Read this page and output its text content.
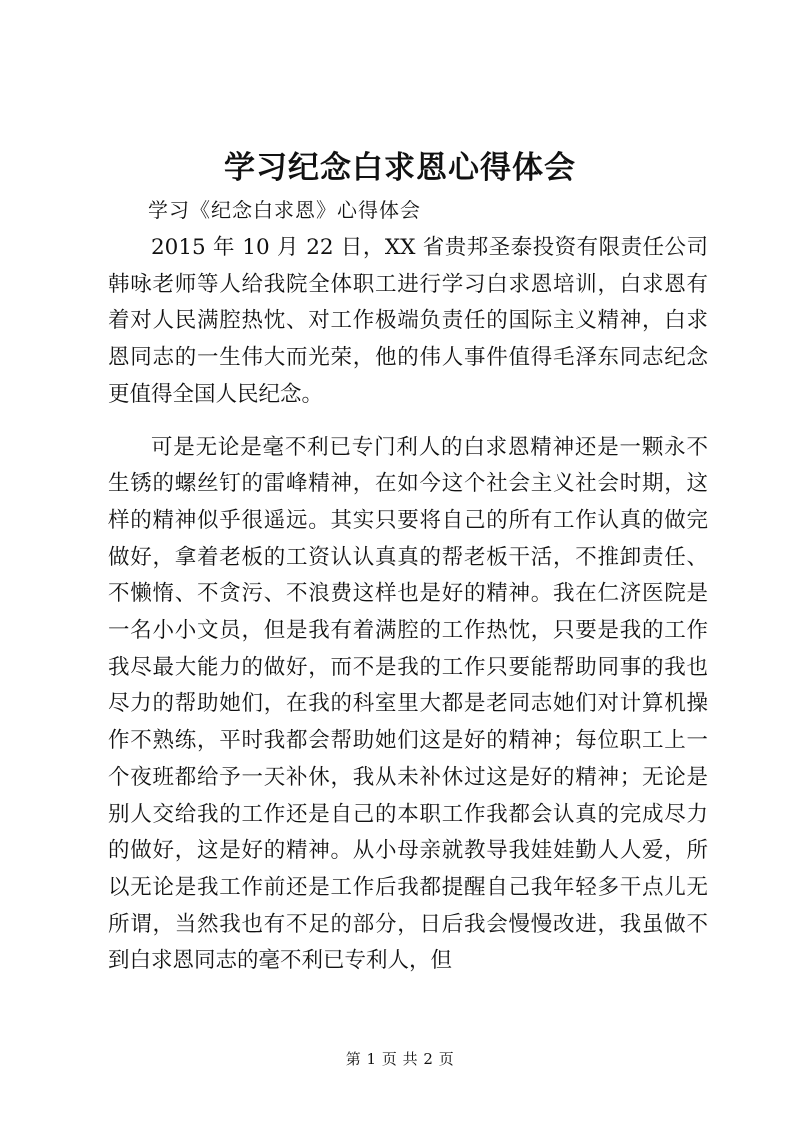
学习纪念白求恩心得体会
学习《纪念白求恩》心得体会

2015 年 10 月 22 日，XX 省贵邦圣泰投资有限责任公司韩咏老师等人给我院全体职工进行学习白求恩培训，白求恩有着对人民满腔热忱、对工作极端负责任的国际主义精神，白求恩同志的一生伟大而光荣，他的伟人事件值得毛泽东同志纪念更值得全国人民纪念。

可是无论是毫不利已专门利人的白求恩精神还是一颗永不生锈的螺丝钉的雷峰精神，在如今这个社会主义社会时期，这样的精神似乎很遥远。其实只要将自己的所有工作认真的做完做好，拿着老板的工资认认真真的帮老板干活，不推卸责任、不懒惰、不贪污、不浪费这样也是好的精神。我在仁济医院是一名小小文员，但是我有着满腔的工作热忱，只要是我的工作我尽最大能力的做好，而不是我的工作只要能帮助同事的我也尽力的帮助她们，在我的科室里大都是老同志她们对计算机操作不熟练，平时我都会帮助她们这是好的精神；每位职工上一个夜班都给予一天补休，我从未补休过这是好的精神；无论是别人交给我的工作还是自己的本职工作我都会认真的完成尽力的做好，这是好的精神。从小母亲就教导我娃娃勤人人爱，所以无论是我工作前还是工作后我都提醒自己我年轻多干点儿无所谓，当然我也有不足的部分，日后我会慢慢改进，我虽做不到白求恩同志的毫不利已专利人，但

第 1 页 共 2 页
